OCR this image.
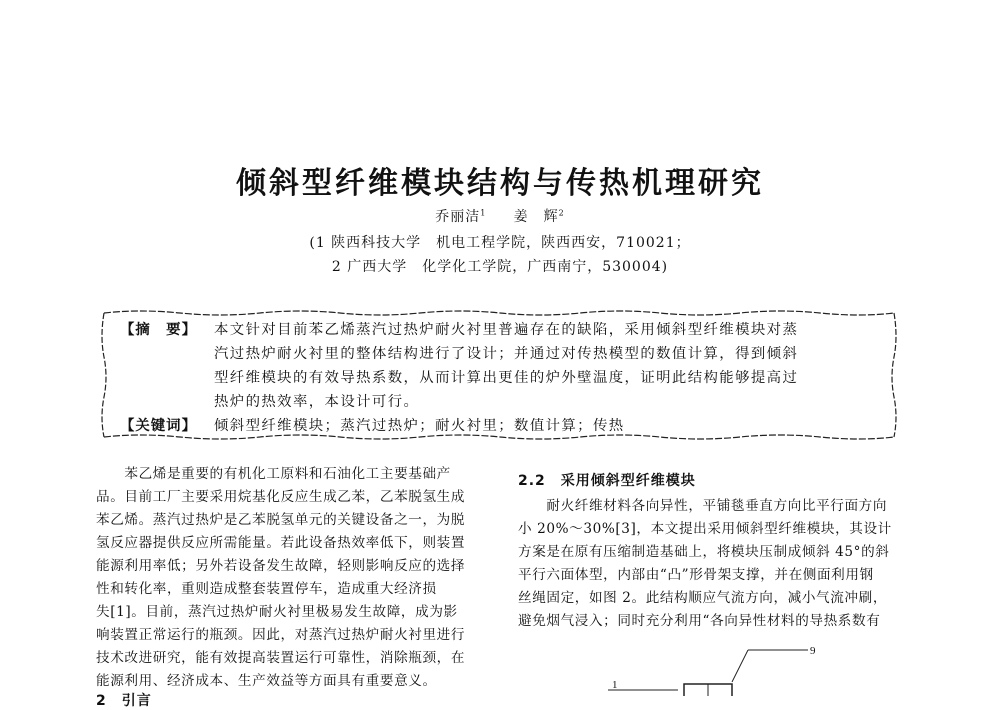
倾斜型纤维模块结构与传热机理研究
乔丽洁$^1$ 姜　辉$^2$
(1 陕西科技大学　机电工程学院，陕西西安，710021；
2 广西大学　化学化工学院，广西南宁，530004)
【摘　要】 本文针对目前苯乙烯蒸汽过热炉耐火衬里普遍存在的缺陷，采用倾斜型纤维模块对蒸
汽过热炉耐火衬里的整体结构进行了设计；并通过对传热模型的数值计算，得到倾斜
型纤维模块的有效导热系数，从而计算出更佳的炉外壁温度，证明此结构能够提高过
热炉的热效率，本设计可行。
【关键词】 倾斜型纤维模块；蒸汽过热炉；耐火衬里；数值计算；传热
　　苯乙烯是重要的有机化工原料和石油化工主要基础产
品。目前工厂主要采用烷基化反应生成乙苯，乙苯脱氢生成
苯乙烯。蒸汽过热炉是乙苯脱氢单元的关键设备之一，为脱
氢反应器提供反应所需能量。若此设备热效率低下，则装置
能源利用率低；另外若设备发生故障，轻则影响反应的选择
性和转化率，重则造成整套装置停车，造成重大经济损
失[1]。目前，蒸汽过热炉耐火衬里极易发生故障，成为影
响装置正常运行的瓶颈。因此，对蒸汽过热炉耐火衬里进行
技术改进研究，能有效提高装置运行可靠性，消除瓶颈，在
能源利用、经济成本、生产效益等方面具有重要意义。
2　引言
2.2　采用倾斜型纤维模块
　　耐火纤维材料各向异性，平铺毯垂直方向比平行面方向
小 20%～30%[3]，本文提出采用倾斜型纤维模块，其设计
方案是在原有压缩制造基础上，将模块压制成倾斜 45°的斜
平行六面体型，内部由“凸”形骨架支撑，并在侧面利用钢
丝绳固定，如图 2。此结构顺应气流方向，减小气流冲刷，
避免烟气浸入；同时充分利用“各向异性材料的导热系数有
9
1
